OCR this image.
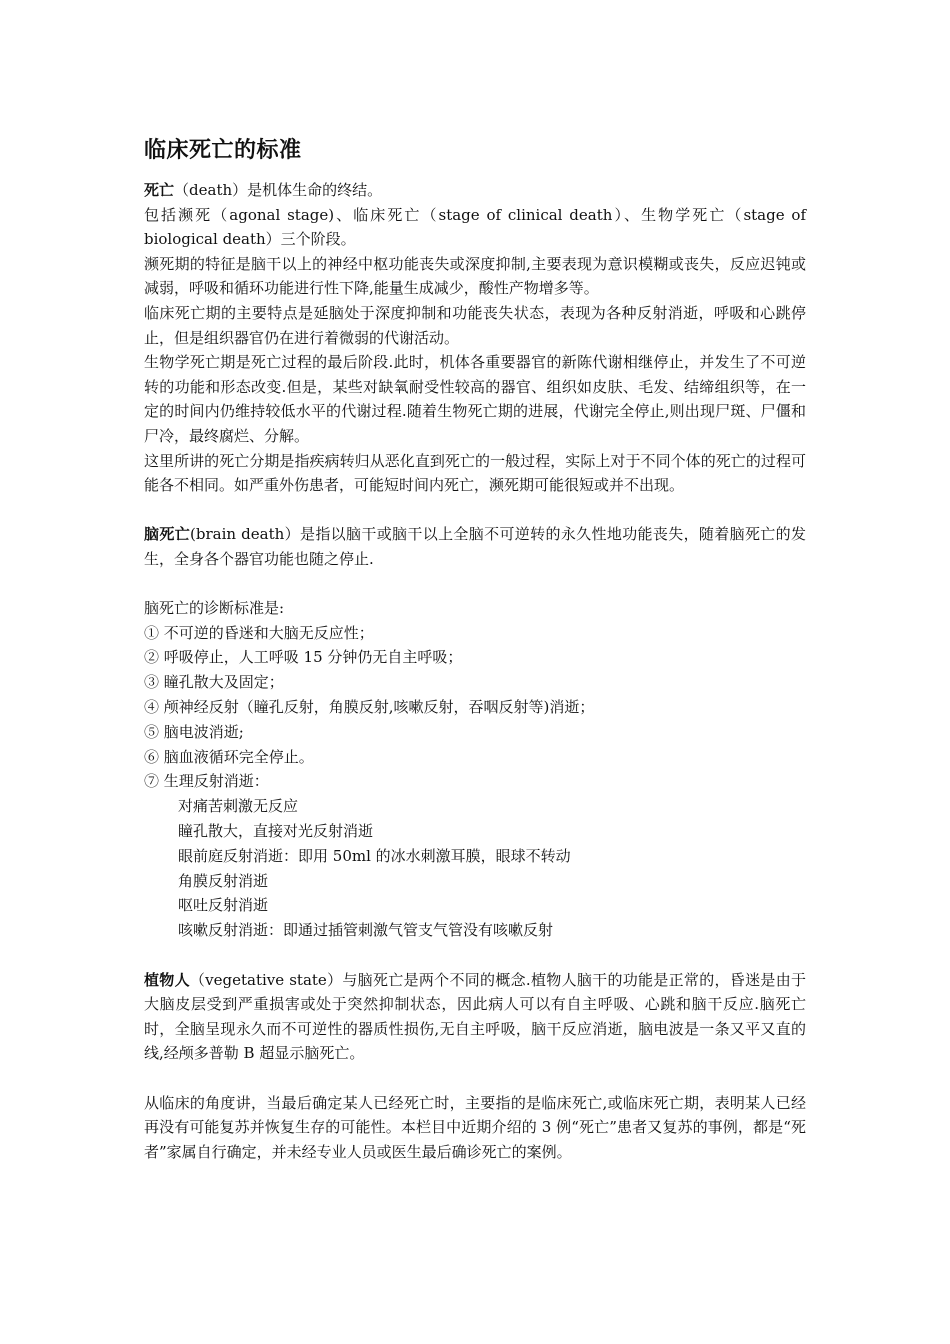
临床死亡的标准

死亡（death）是机体生命的终结。

包括濒死（agonal stage)、临床死亡（stage of clinical death）、生物学死亡（stage of biological death）三个阶段。

濒死期的特征是脑干以上的神经中枢功能丧失或深度抑制,主要表现为意识模糊或丧失，反应迟钝或减弱，呼吸和循环功能进行性下降,能量生成减少，酸性产物增多等。

临床死亡期的主要特点是延脑处于深度抑制和功能丧失状态，表现为各种反射消逝，呼吸和心跳停止，但是组织器官仍在进行着微弱的代谢活动。

生物学死亡期是死亡过程的最后阶段.此时，机体各重要器官的新陈代谢相继停止，并发生了不可逆转的功能和形态改变.但是，某些对缺氧耐受性较高的器官、组织如皮肤、毛发、结缔组织等，在一定的时间内仍维持较低水平的代谢过程.随着生物死亡期的进展，代谢完全停止,则出现尸斑、尸僵和尸冷，最终腐烂、分解。

这里所讲的死亡分期是指疾病转归从恶化直到死亡的一般过程，实际上对于不同个体的死亡的过程可能各不相同。如严重外伤患者，可能短时间内死亡，濒死期可能很短或并不出现。

脑死亡(brain death）是指以脑干或脑干以上全脑不可逆转的永久性地功能丧失，随着脑死亡的发生，全身各个器官功能也随之停止.

脑死亡的诊断标准是:

① 不可逆的昏迷和大脑无反应性；
② 呼吸停止，人工呼吸 15 分钟仍无自主呼吸；
③ 瞳孔散大及固定；
④ 颅神经反射（瞳孔反射，角膜反射,咳嗽反射，吞咽反射等)消逝；
⑤ 脑电波消逝;
⑥ 脑血液循环完全停止。
⑦ 生理反射消逝：
对痛苦刺激无反应
瞳孔散大，直接对光反射消逝
眼前庭反射消逝：即用 50ml 的冰水刺激耳膜，眼球不转动
角膜反射消逝
呕吐反射消逝
咳嗽反射消逝：即通过插管刺激气管支气管没有咳嗽反射

植物人（vegetative state）与脑死亡是两个不同的概念.植物人脑干的功能是正常的，昏迷是由于大脑皮层受到严重损害或处于突然抑制状态，因此病人可以有自主呼吸、心跳和脑干反应.脑死亡时，全脑呈现永久而不可逆性的器质性损伤,无自主呼吸，脑干反应消逝，脑电波是一条又平又直的线,经颅多普勒 B 超显示脑死亡。

从临床的角度讲，当最后确定某人已经死亡时，主要指的是临床死亡,或临床死亡期，表明某人已经再没有可能复苏并恢复生存的可能性。本栏目中近期介绍的 3 例“死亡”患者又复苏的事例，都是“死者”家属自行确定，并未经专业人员或医生最后确诊死亡的案例。
